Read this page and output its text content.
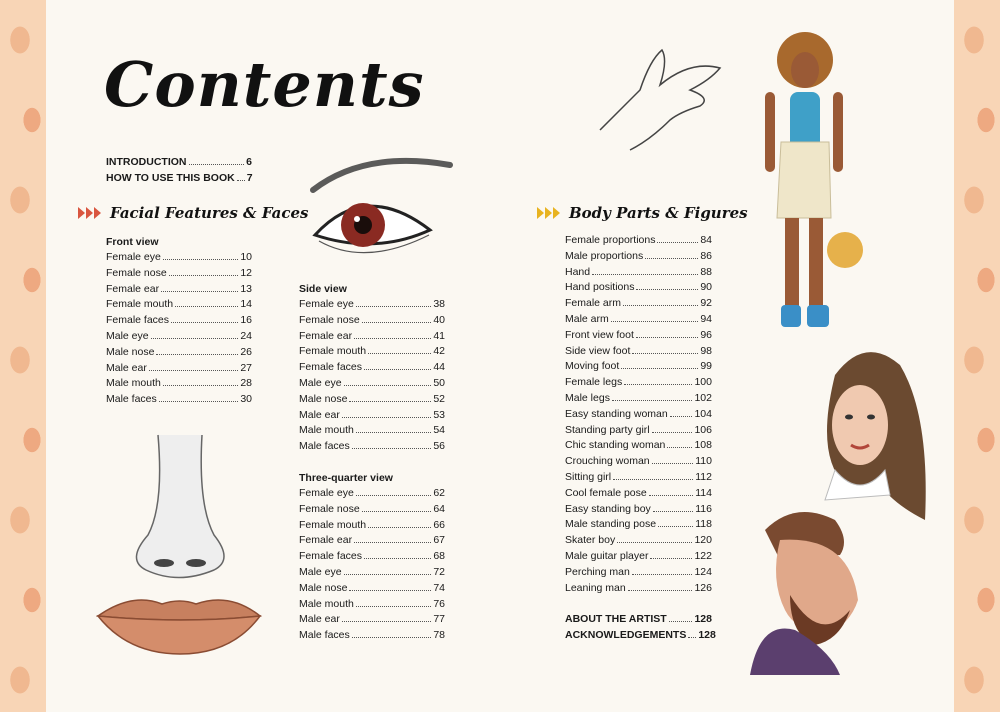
Contents
INTRODUCTION	6
HOW TO USE THIS BOOK 7
Facial Features & Faces
Front view
Female eye	10
Female nose	12
Female ear	13
Female mouth	14
Female faces	16
Male eye	24
Male nose	26
Male ear	27
Male mouth	28
Male faces	30
Side view
Female eye	38
Female nose	40
Female ear	41
Female mouth	42
Female faces	44
Male eye	50
Male nose	52
Male ear	53
Male mouth	54
Male faces	56
Three-quarter view
Female eye	62
Female nose	64
Female mouth	66
Female ear	67
Female faces	68
Male eye	72
Male nose	74
Male mouth	76
Male ear	77
Male faces	78
Body Parts & Figures
Female proportions	84
Male proportions	86
Hand	88
Hand positions	90
Female arm	92
Male arm	94
Front view foot	96
Side view foot	98
Moving foot	99
Female legs	100
Male legs	102
Easy standing woman	104
Standing party girl	106
Chic standing woman	108
Crouching woman	110
Sitting girl	112
Cool female pose	114
Easy standing boy	116
Male standing pose	118
Skater boy	120
Male guitar player	122
Perching man	124
Leaning man	126
ABOUT THE ARTIST	128
ACKNOWLEDGEMENTS 128
